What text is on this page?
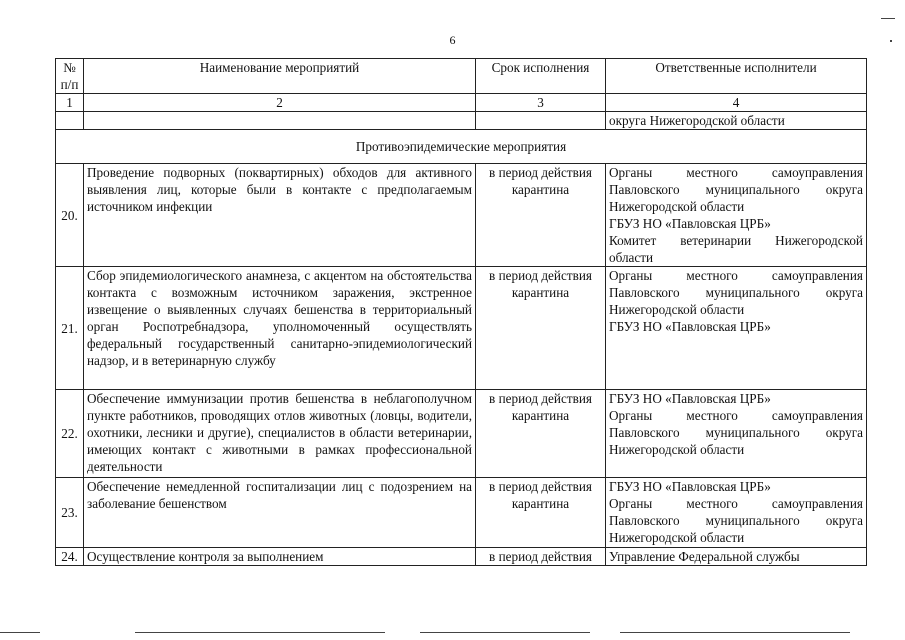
6
№ п/п	Наименование мероприятий	Срок исполнения	Ответственные исполнители
1	2	3	4
			округа Нижегородской области
Противоэпидемические мероприятия			
20.	Проведение подворных (поквартирных) обходов для активного выявления лиц, которые были в контакте с предполагаемым источником инфекции	в период действия карантина	Органы местного самоуправления Павловского муниципального округа Нижегородской области
ГБУЗ НО «Павловская ЦРБ»
Комитет ветеринарии Нижегородской области

21.	Сбор эпидемиологического анамнеза, с акцентом на обстоятельства контакта с возможным источником заражения, экстренное извещение о выявленных случаях бешенства в территориальный орган Роспотребнадзора, уполномоченный осуществлять федеральный государственный санитарно-эпидемиологический надзор, и в ветеринарную службу	в период действия карантина	Органы местного самоуправления Павловского муниципального округа Нижегородской области
ГБУЗ НО «Павловская ЦРБ»

22.	Обеспечение иммунизации против бешенства в неблагополучном пункте работников, проводящих отлов животных (ловцы, водители, охотники, лесники и другие), специалистов в области ветеринарии, имеющих контакт с животными в рамках профессиональной деятельности	в период действия карантина	ГБУЗ НО «Павловская ЦРБ»
Органы местного самоуправления Павловского муниципального округа Нижегородской области

23.	Обеспечение немедленной госпитализации лиц с подозрением на заболевание бешенством	в период действия карантина	ГБУЗ НО «Павловская ЦРБ»
Органы местного самоуправления Павловского муниципального округа Нижегородской области

24.	Осуществление контроля за выполнением	в период действия	Управление Федеральной службы
